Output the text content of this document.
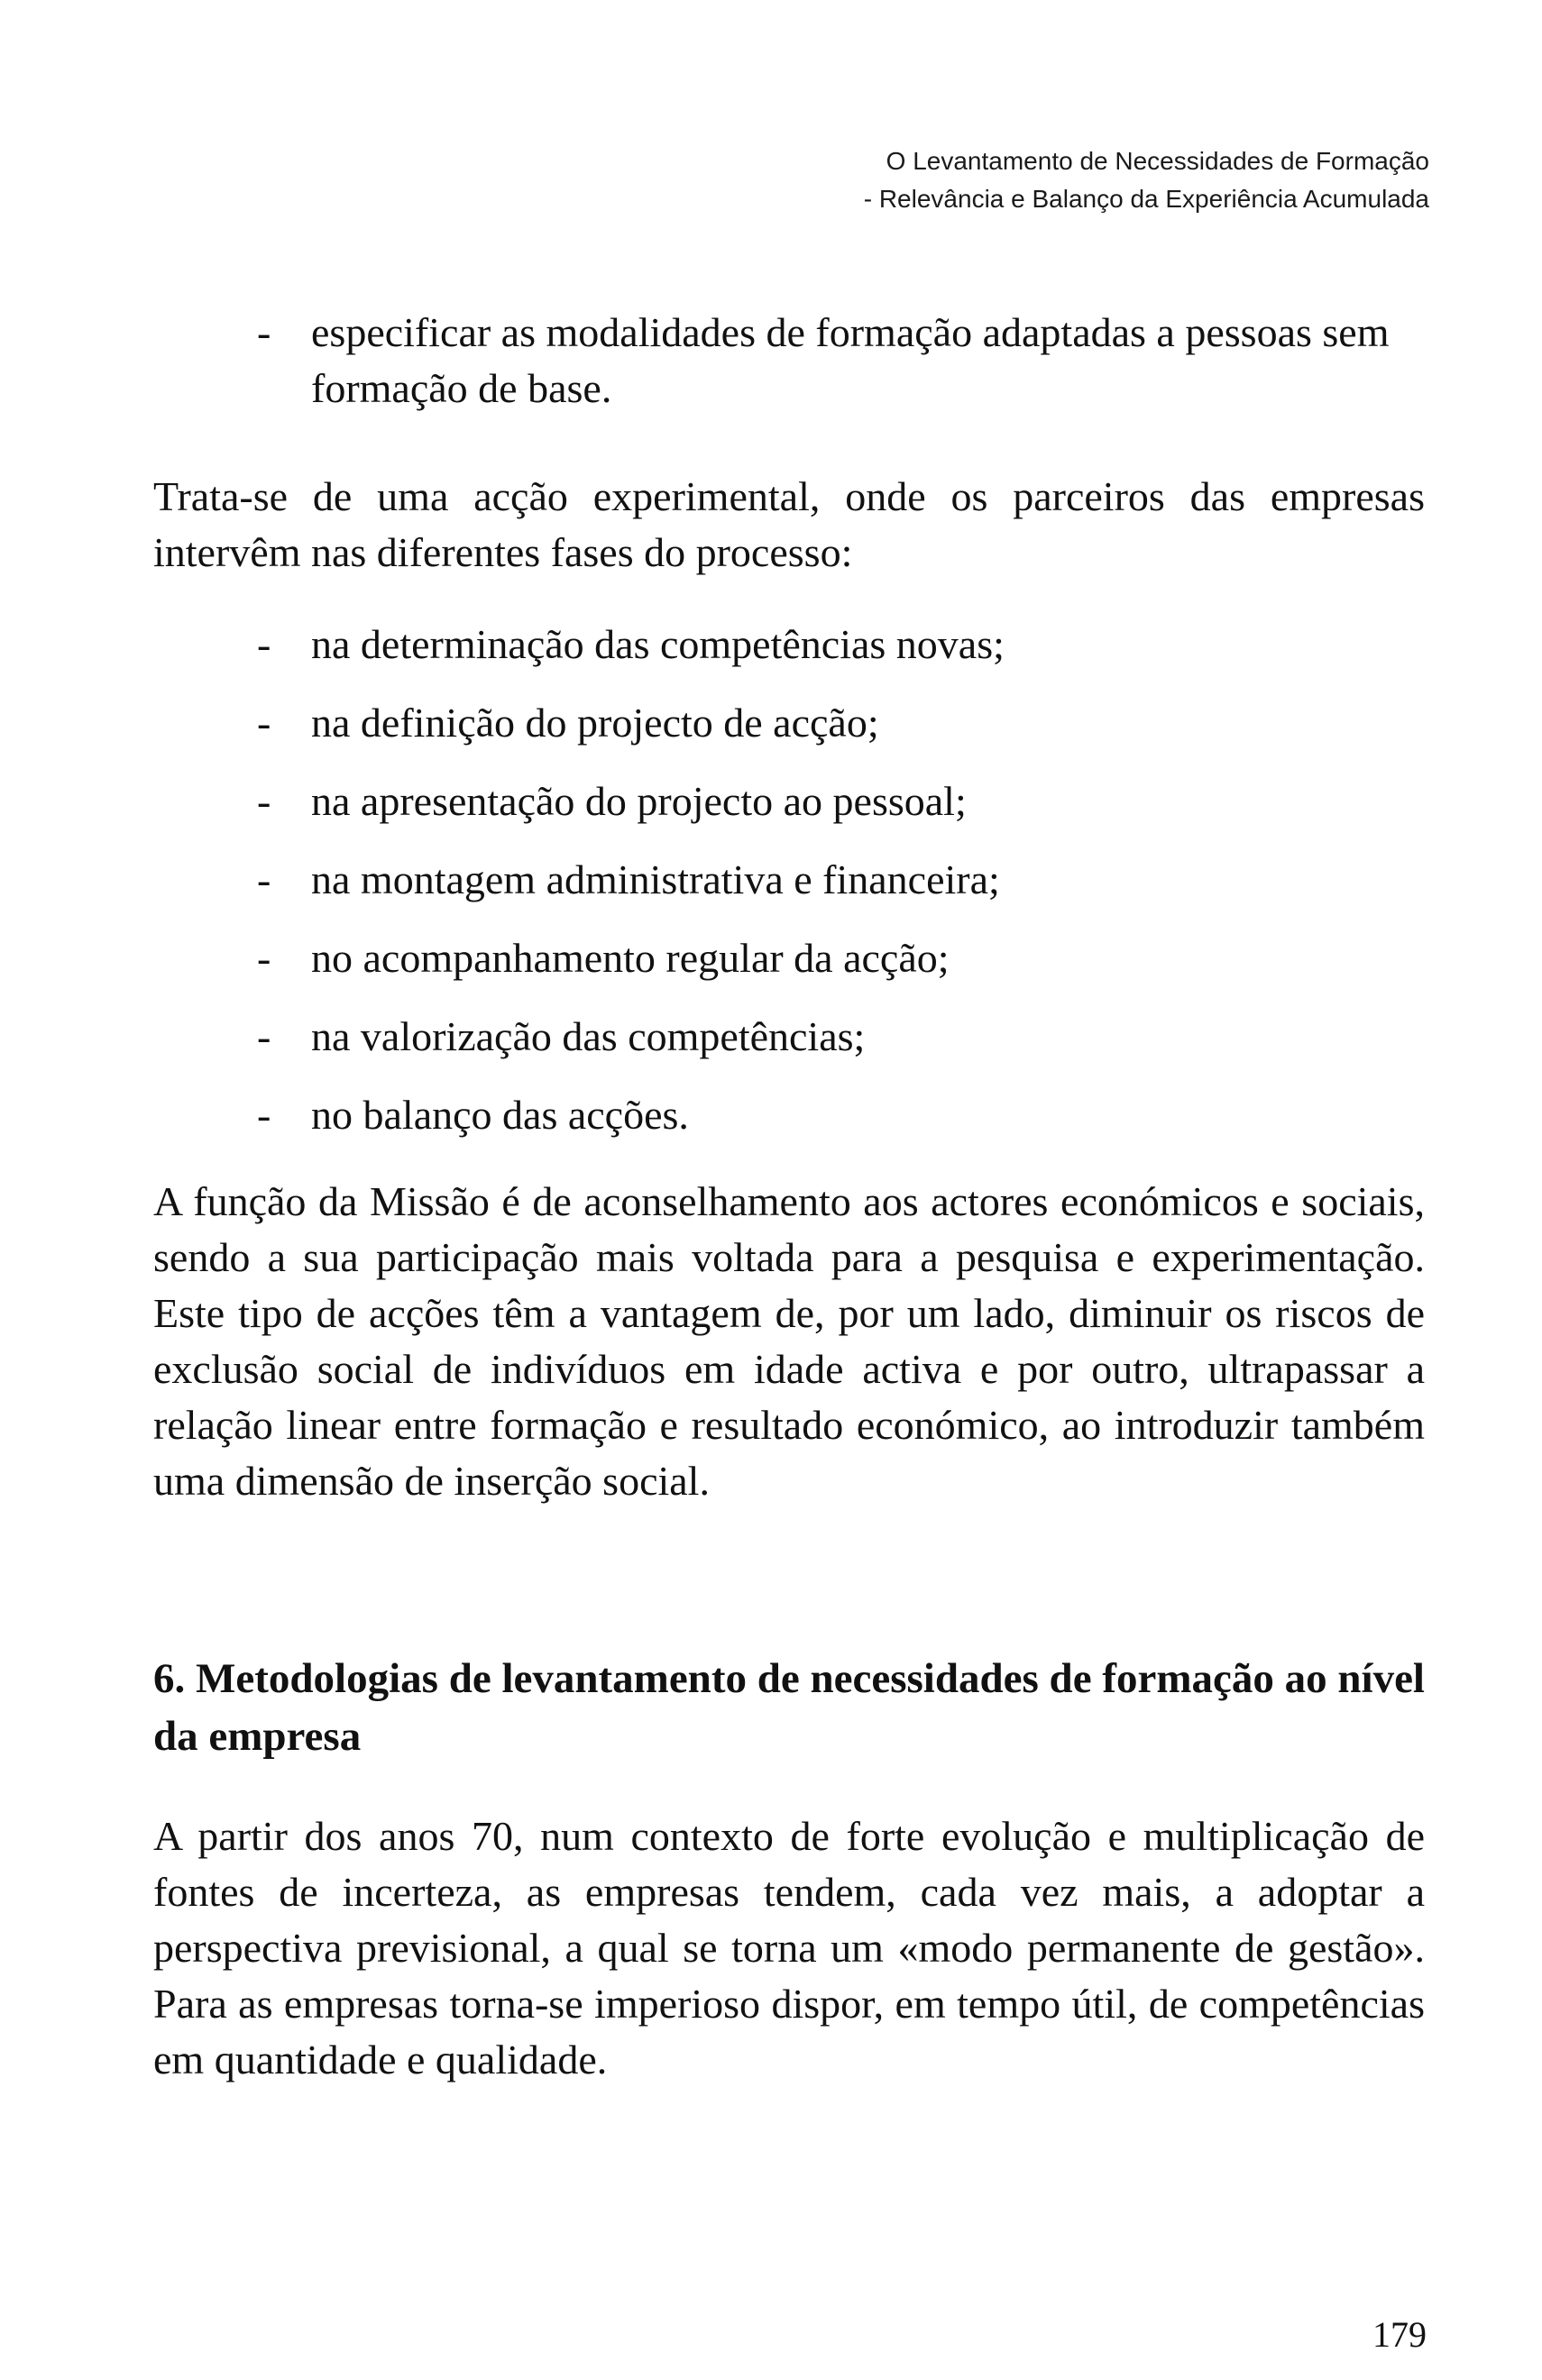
O Levantamento de Necessidades de Formação
- Relevância e Balanço da Experiência Acumulada
- especificar as modalidades de formação adaptadas a pessoas sem formação de base.

Trata-se de uma acção experimental, onde os parceiros das empresas intervêm nas diferentes fases do processo:

- na determinação das competências novas;
- na definição do projecto de acção;
- na apresentação do projecto ao pessoal;
- na montagem administrativa e financeira;
- no acompanhamento regular da acção;
- na valorização das competências;
- no balanço das acções.

A função da Missão é de aconselhamento aos actores económicos e sociais, sendo a sua participação mais voltada para a pesquisa e experimentação. Este tipo de acções têm a vantagem de, por um lado, diminuir os riscos de exclusão social de indivíduos em idade activa e por outro, ultrapassar a relação linear entre formação e resultado económico, ao introduzir também uma dimensão de inserção social.

6. Metodologias de levantamento de necessidades de formação ao nível da empresa

A partir dos anos 70, num contexto de forte evolução e multiplicação de fontes de incerteza, as empresas tendem, cada vez mais, a adoptar a perspectiva previsional, a qual se torna um «modo permanente de gestão». Para as empresas torna-se imperioso dispor, em tempo útil, de competências em quantidade e qualidade.

179
